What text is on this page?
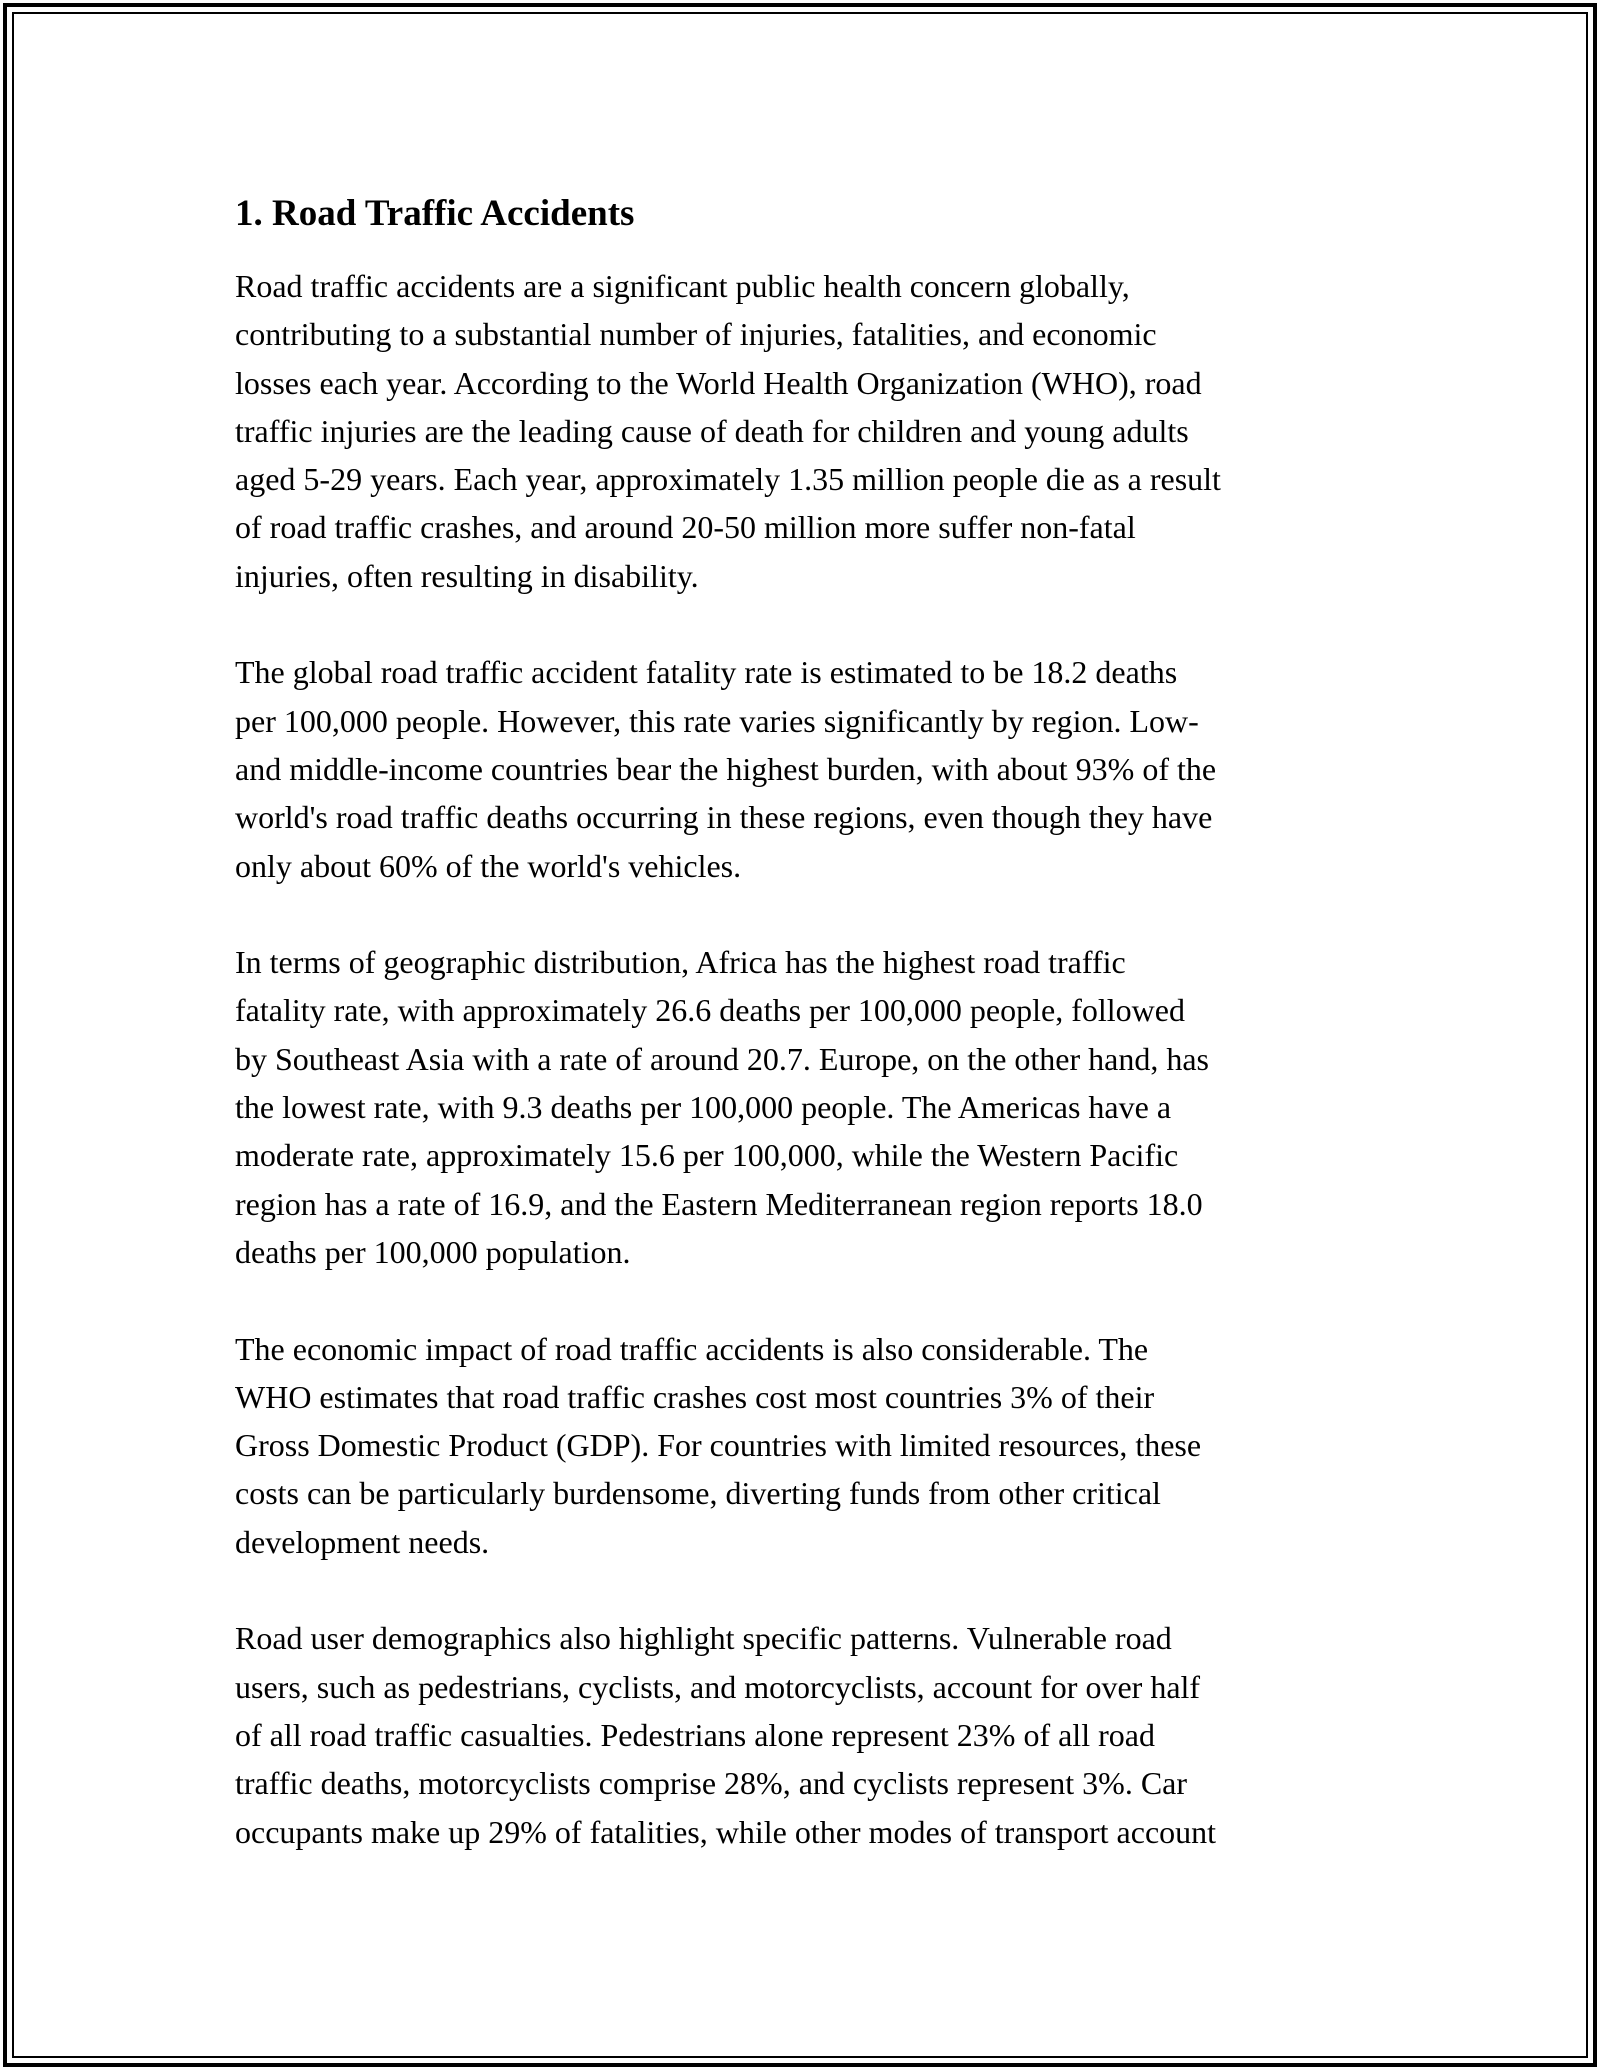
1. Road Traffic Accidents

Road traffic accidents are a significant public health concern globally,
contributing to a substantial number of injuries, fatalities, and economic
losses each year. According to the World Health Organization (WHO), road
traffic injuries are the leading cause of death for children and young adults
aged 5-29 years. Each year, approximately 1.35 million people die as a result
of road traffic crashes, and around 20-50 million more suffer non-fatal
injuries, often resulting in disability.

The global road traffic accident fatality rate is estimated to be 18.2 deaths
per 100,000 people. However, this rate varies significantly by region. Low-
and middle-income countries bear the highest burden, with about 93% of the
world's road traffic deaths occurring in these regions, even though they have
only about 60% of the world's vehicles.

In terms of geographic distribution, Africa has the highest road traffic
fatality rate, with approximately 26.6 deaths per 100,000 people, followed
by Southeast Asia with a rate of around 20.7. Europe, on the other hand, has
the lowest rate, with 9.3 deaths per 100,000 people. The Americas have a
moderate rate, approximately 15.6 per 100,000, while the Western Pacific
region has a rate of 16.9, and the Eastern Mediterranean region reports 18.0
deaths per 100,000 population.

The economic impact of road traffic accidents is also considerable. The
WHO estimates that road traffic crashes cost most countries 3% of their
Gross Domestic Product (GDP). For countries with limited resources, these
costs can be particularly burdensome, diverting funds from other critical
development needs.

Road user demographics also highlight specific patterns. Vulnerable road
users, such as pedestrians, cyclists, and motorcyclists, account for over half
of all road traffic casualties. Pedestrians alone represent 23% of all road
traffic deaths, motorcyclists comprise 28%, and cyclists represent 3%. Car
occupants make up 29% of fatalities, while other modes of transport account
